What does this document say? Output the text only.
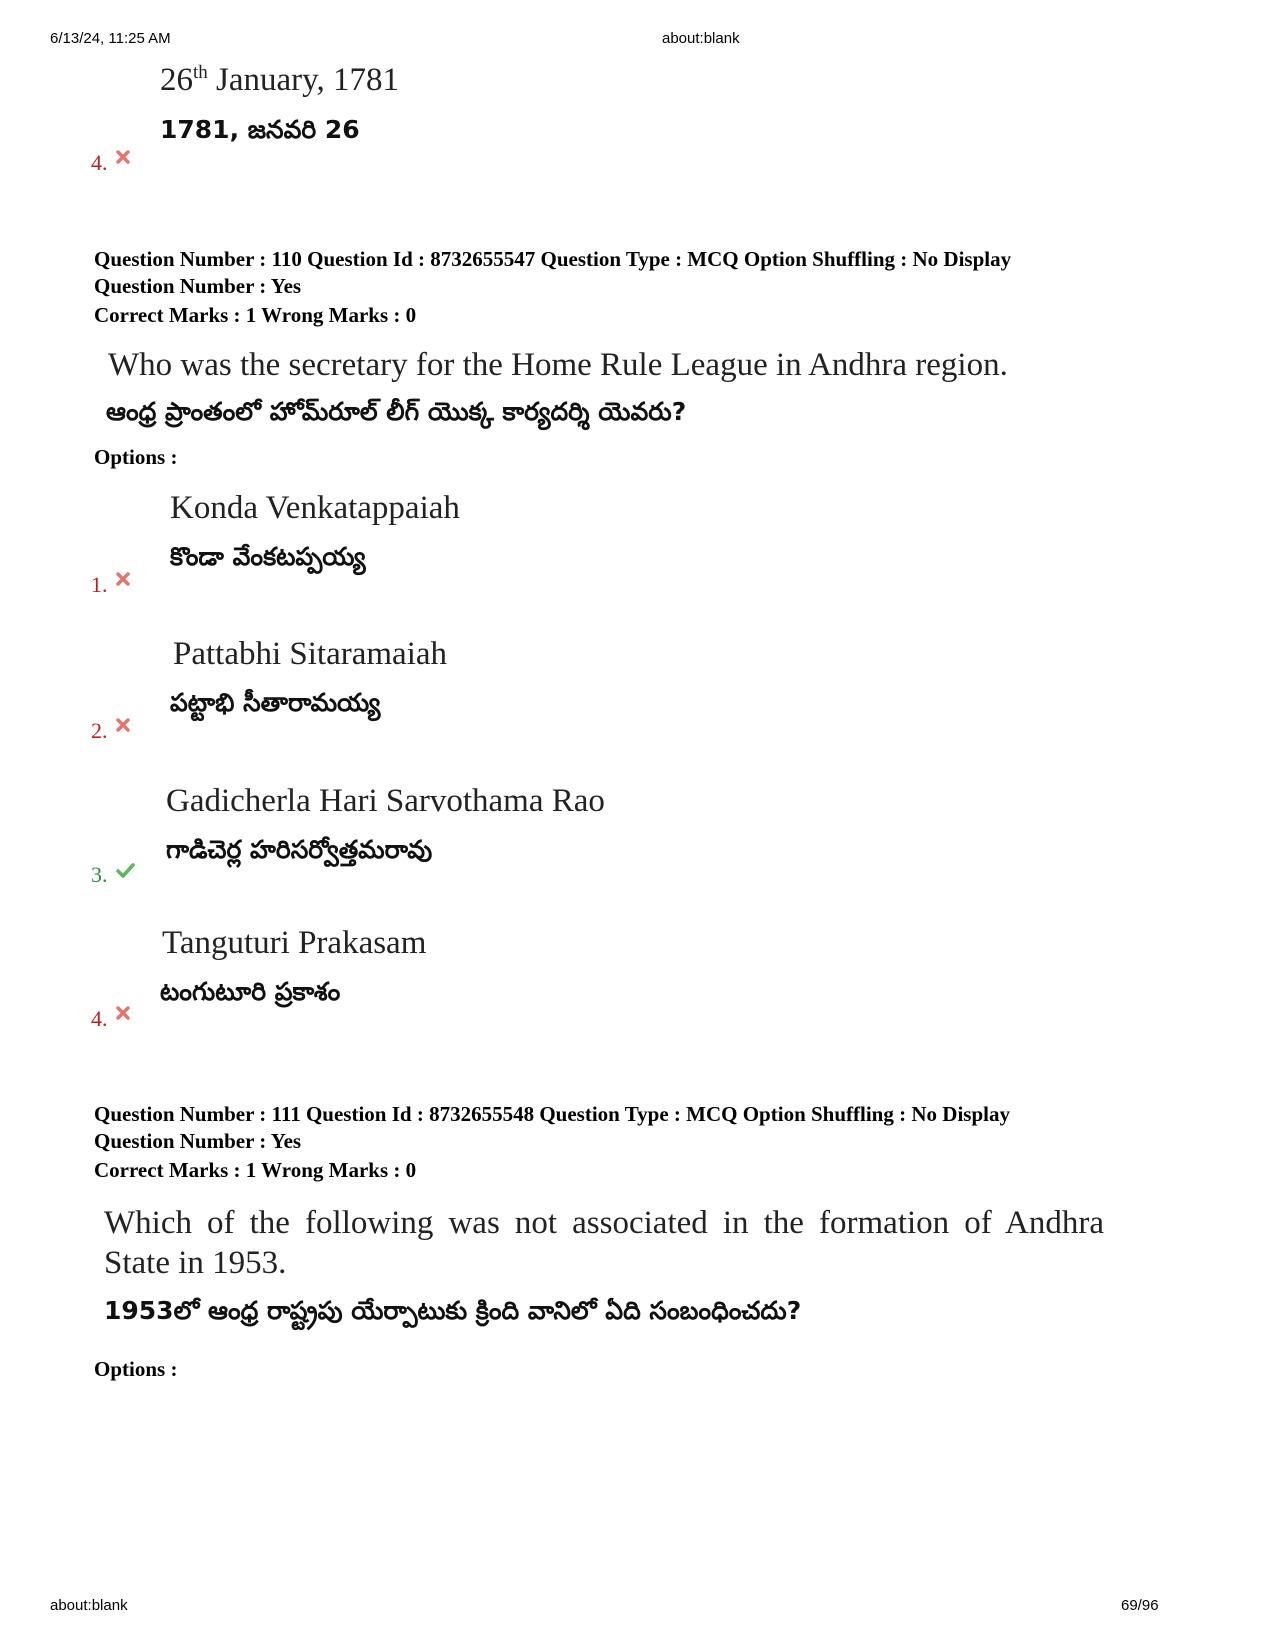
6/13/24, 11:25 AM	about:blank
26th January, 1781
1781, జనవరి 26
4.
Question Number : 110 Question Id : 8732655547 Question Type : MCQ Option Shuffling : No Display
Question Number : Yes
Correct Marks : 1 Wrong Marks : 0
Who was the secretary for the Home Rule League in Andhra region.
ఆంధ్ర ప్రాంతంలో హోమ్‌రూల్ లీగ్ యొక్క కార్యదర్శి యెవరు?
Options :
Konda Venkatappaiah
కొండా వేంకటప్పయ్య
1.
Pattabhi Sitaramaiah
పట్టాభి సీతారామయ్య
2.
Gadicherla Hari Sarvothama Rao
గాడిచెర్ల హరిసర్వోత్తమరావు
3.
Tanguturi Prakasam
టంగుటూరి ప్రకాశం
4.
Question Number : 111 Question Id : 8732655548 Question Type : MCQ Option Shuffling : No Display
Question Number : Yes
Correct Marks : 1 Wrong Marks : 0
Which of the following was not associated in the formation of Andhra
State in 1953.
1953లో ఆంధ్ర రాష్ట్రపు యేర్పాటుకు క్రింది వానిలో ఏది సంబంధించదు?
Options :
about:blank	69/96
